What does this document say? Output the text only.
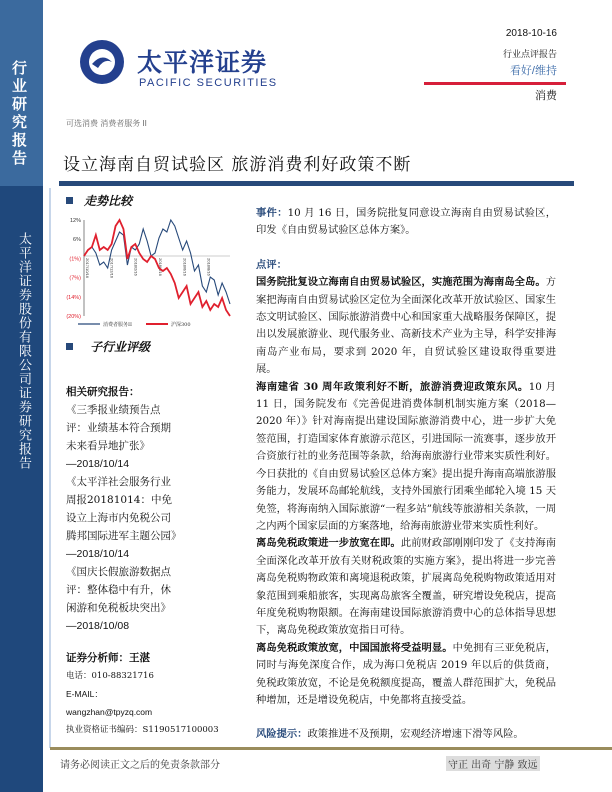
行业研究报告
太平洋证券股份有限公司证券研究报告
太平洋证券
PACIFIC SECURITIES
2018-10-16
行业点评报告
看好/维持
消费
可选消费 消费者服务 II
设立海南自贸试验区 旅游消费利好政策不断
走势比较
12%
6%
(1%)
(7%)
(14%)
(20%)
2017/10/16	2017/12/16	2018/2/16	2018/4/16	2018/6/16	2018/8/16
消费者服务II	沪深300
子行业评级
相关研究报告：
《三季报业绩预告点评：业绩基本符合预期 未来看异地扩张》
—2018/10/14
《太平洋社会服务行业周报20181014：中免设立上海市内免税公司 腾邦国际进军主题公园》
—2018/10/14
《国庆长假旅游数据点评：整体稳中有升，休闲游和免税板块突出》
—2018/10/08
证券分析师：王湛
电话：010-88321716
E-MAIL：wangzhan@tpyzq.com
执业资格证书编码：S1190517100003

事件：10 月 16 日，国务院批复同意设立海南自由贸易试验区，印发《自由贸易试验区总体方案》。

点评：
国务院批复设立海南自由贸易试验区，实施范围为海南岛全岛。方案把海南自由贸易试验区定位为全面深化改革开放试验区、国家生态文明试验区、国际旅游消费中心和国家重大战略服务保障区，提出以发展旅游业、现代服务业、高新技术产业为主导，科学安排海南岛产业布局，要求到 2020 年，自贸试验区建设取得重要进展。
海南建省 30 周年政策利好不断，旅游消费迎政策东风。10 月 11 日，国务院发布《完善促进消费体制机制实施方案（2018—2020 年）》针对海南提出建设国际旅游消费中心，进一步扩大免签范围，打造国家体育旅游示范区，引进国际一流赛事，逐步放开合资旅行社的业务范围等条款，给海南旅游行业带来实质性利好。今日获批的《自由贸易试验区总体方案》提出提升海南高端旅游服务能力，发展环岛邮轮航线，支持外国旅行团乘坐邮轮入境 15 天免签，将海南纳入国际旅游“一程多站”航线等旅游相关条款，一周之内两个国家层面的方案落地，给海南旅游业带来实质性利好。
离岛免税政策进一步放宽在即。此前财政部刚刚印发了《支持海南全面深化改革开放有关财税政策的实施方案》，提出将进一步完善离岛免税购物政策和离境退税政策，扩展离岛免税购物政策适用对象范围到乘船旅客，实现离岛旅客全覆盖，研究增设免税店，提高年度免税购物限额。在海南建设国际旅游消费中心的总体指导思想下，离岛免税政策放宽指日可待。
离岛免税政策放宽，中国国旅将受益明显。中免拥有三亚免税店，同时与海免深度合作，成为海口免税店 2019 年以后的供货商，免税政策放宽，不论是免税额度提高，覆盖人群范围扩大，免税品种增加，还是增设免税店，中免都将直接受益。

风险提示：政策推进不及预期，宏观经济增速下滑等风险。

请务必阅读正文之后的免责条款部分	守正 出奇 宁静 致远
